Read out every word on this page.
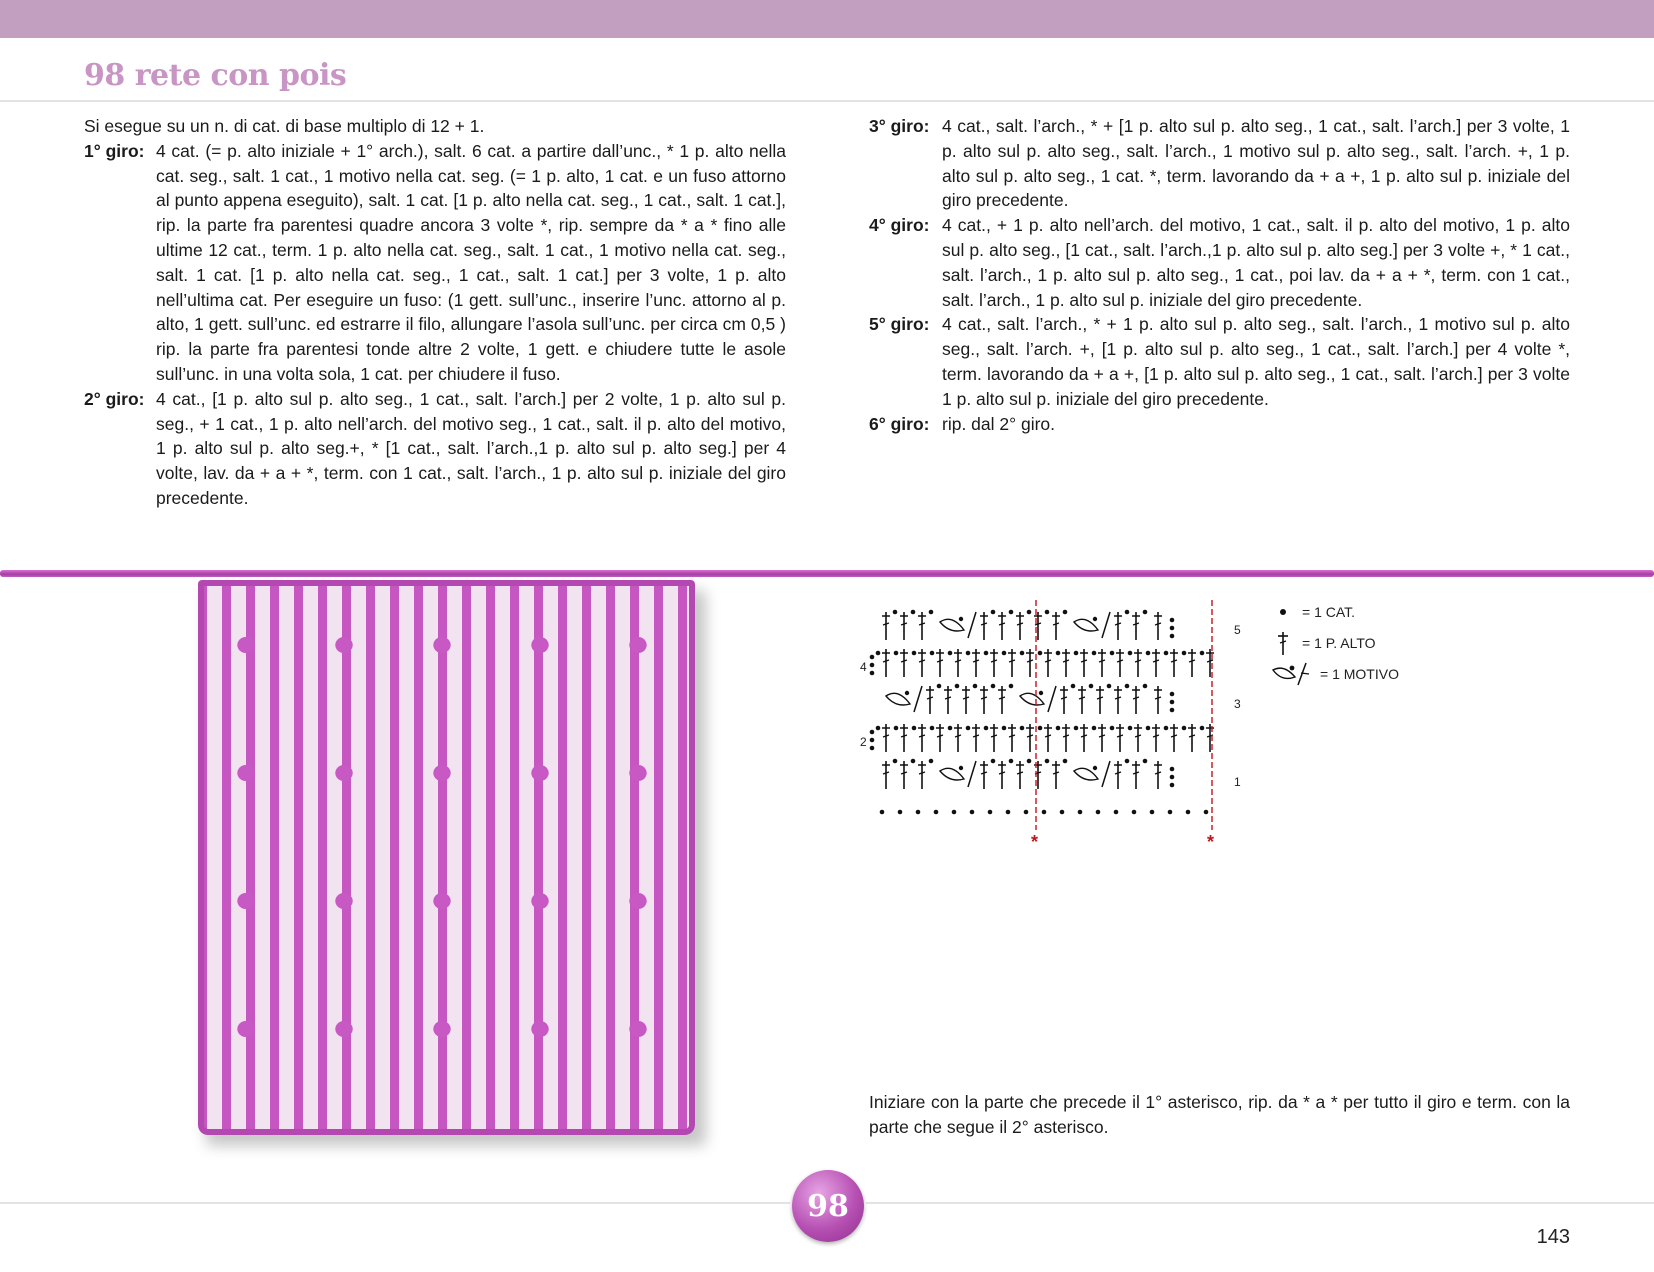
98 rete con pois

Si esegue su un n. di cat. di base multiplo di 12 + 1.

1° giro: 4 cat. (= p. alto iniziale + 1° arch.), salt. 6 cat. a partire dall’unc., * 1 p. alto nella cat. seg., salt. 1 cat., 1 motivo nella cat. seg. (= 1 p. alto, 1 cat. e un fuso attorno al punto appena eseguito), salt. 1 cat. [1 p. alto nella cat. seg., 1 cat., salt. 1 cat.], rip. la parte fra parentesi quadre ancora 3 volte *, rip. sempre da * a * fino alle ultime 12 cat., term. 1 p. alto nella cat. seg., salt. 1 cat., 1 motivo nella cat. seg., salt. 1 cat. [1 p. alto nella cat. seg., 1 cat., salt. 1 cat.] per 3 volte, 1 p. alto nell’ultima cat. Per eseguire un fuso: (1 gett. sull’unc., inserire l’unc. attorno al p. alto, 1 gett. sull’unc. ed estrarre il filo, allungare l’asola sull’unc. per circa cm 0,5 ) rip. la parte fra parentesi tonde altre 2 volte, 1 gett. e chiudere tutte le asole sull’unc. in una volta sola, 1 cat. per chiudere il fuso.
2° giro: 4 cat., [1 p. alto sul p. alto seg., 1 cat., salt. l’arch.] per 2 volte, 1 p. alto sul p. seg., + 1 cat., 1 p. alto nell’arch. del motivo seg., 1 cat., salt. il p. alto del motivo, 1 p. alto sul p. alto seg.+, * [1 cat., salt. l’arch.,1 p. alto sul p. alto seg.] per 4 volte, lav. da + a + *, term. con 1 cat., salt. l’arch., 1 p. alto sul p. iniziale del giro precedente.
3° giro: 4 cat., salt. l’arch., * + [1 p. alto sul p. alto seg., 1 cat., salt. l’arch.] per 3 volte, 1 p. alto sul p. alto seg., salt. l’arch., 1 motivo sul p. alto seg., salt. l’arch. +, 1 p. alto sul p. alto seg., 1 cat. *, term. lavorando da + a +, 1 p. alto sul p. iniziale del giro precedente.
4° giro: 4 cat., + 1 p. alto nell’arch. del motivo, 1 cat., salt. il p. alto del motivo, 1 p. alto sul p. alto seg., [1 cat., salt. l’arch.,1 p. alto sul p. alto seg.] per 3 volte +, * 1 cat., salt. l’arch., 1 p. alto sul p. alto seg., 1 cat., poi lav. da + a + *, term. con 1 cat., salt. l’arch., 1 p. alto sul p. iniziale del giro precedente.
5° giro: 4 cat., salt. l’arch., * + 1 p. alto sul p. alto seg., salt. l’arch., 1 motivo sul p. alto seg., salt. l’arch. +, [1 p. alto sul p. alto seg., 1 cat., salt. l’arch.] per 4 volte *, term. lavorando da + a +, [1 p. alto sul p. alto seg., 1 cat., salt. l’arch.] per 3 volte 1 p. alto sul p. iniziale del giro precedente.
6° giro: rip. dal 2° giro.
1
2
3
4
5
*	*
= 1 CAT.
= 1 P. ALTO
= 1 MOTIVO

Iniziare con la parte che precede il 1° asterisco, rip. da * a * per tutto il giro e term. con la parte che segue il 2° asterisco.

98
143
